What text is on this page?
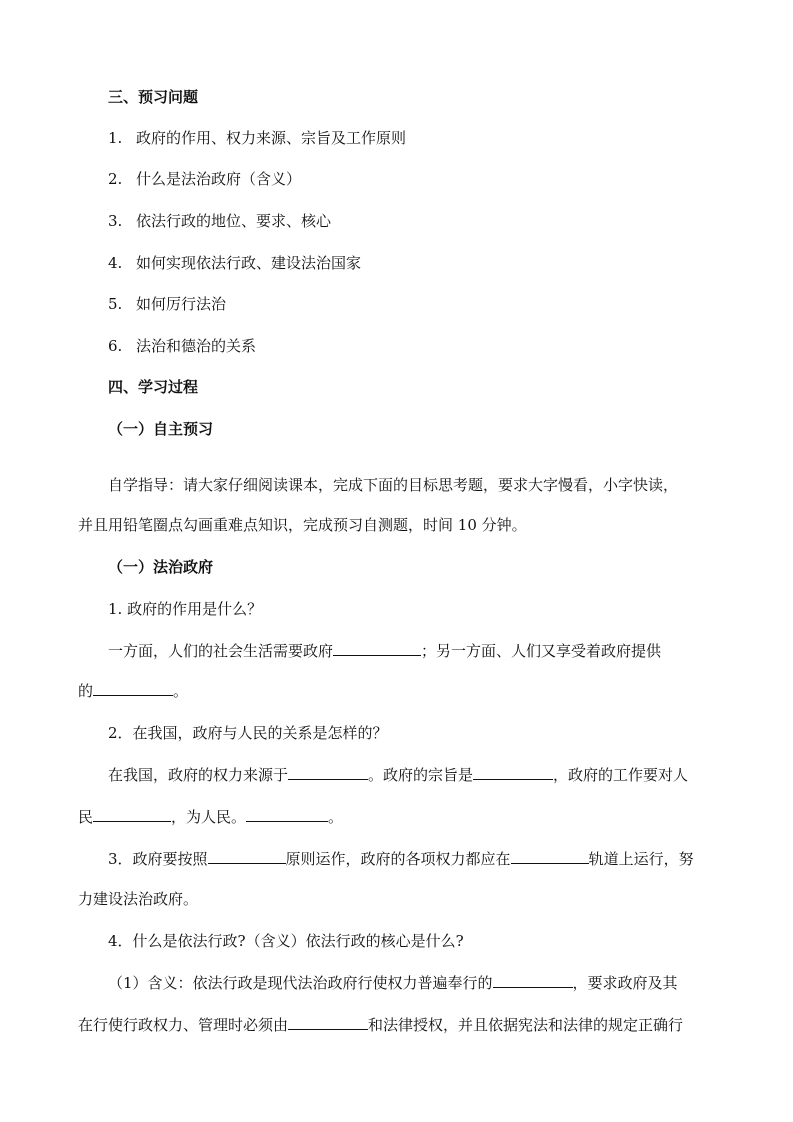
三、预习问题
1. 政府的作用、权力来源、宗旨及工作原则
2. 什么是法治政府（含义）
3. 依法行政的地位、要求、核心
4. 如何实现依法行政、建设法治国家
5. 如何厉行法治
6. 法治和德治的关系
四、学习过程
（一）自主预习
自学指导：请大家仔细阅读课本，完成下面的目标思考题，要求大字慢看，小字快读，
并且用铅笔圈点勾画重难点知识，完成预习自测题，时间 10 分钟。
（一）法治政府
1. 政府的作用是什么？
一方面，人们的社会生活需要政府	；另一方面、人们又享受着政府提供
的	。
2．在我国，政府与人民的关系是怎样的？
在我国，政府的权力来源于	。政府的宗旨是	，政府的工作要对人
民	，为人民。	。
3．政府要按照	原则运作，政府的各项权力都应在	轨道上运行，努
力建设法治政府。
4．什么是依法行政?（含义）依法行政的核心是什么?
（1）含义：依法行政是现代法治政府行使权力普遍奉行的	，要求政府及其
在行使行政权力、管理时必须由	和法律授权，并且依据宪法和法律的规定正确行
